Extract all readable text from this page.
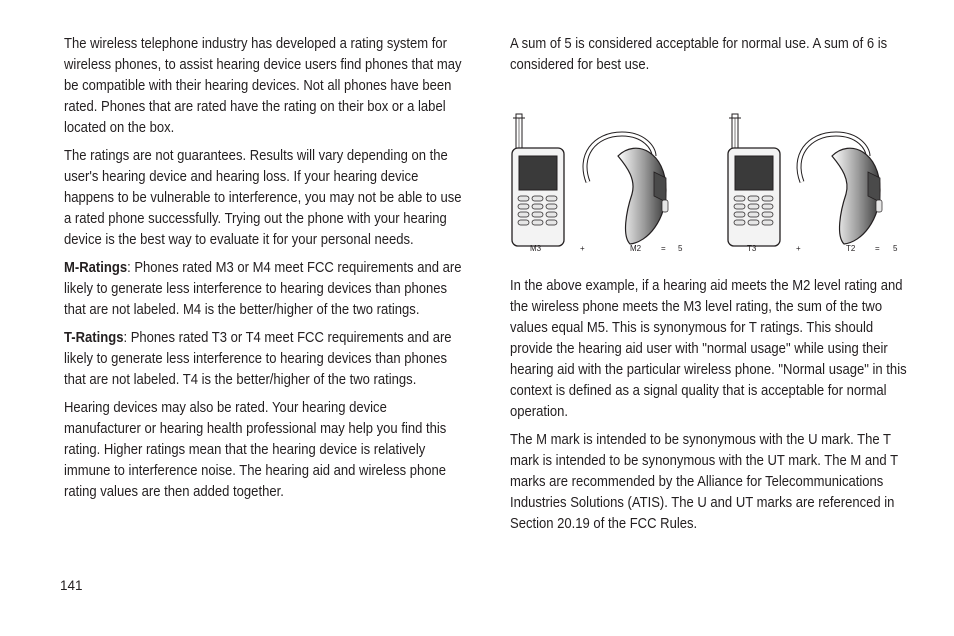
The wireless telephone industry has developed a rating system for wireless phones, to assist hearing device users find phones that may be compatible with their hearing devices. Not all phones have been rated. Phones that are rated have the rating on their box or a label located on the box.

The ratings are not guarantees. Results will vary depending on the user's hearing device and hearing loss. If your hearing device happens to be vulnerable to interference, you may not be able to use a rated phone successfully. Trying out the phone with your hearing device is the best way to evaluate it for your personal needs.

M-Ratings: Phones rated M3 or M4 meet FCC requirements and are likely to generate less interference to hearing devices than phones that are not labeled. M4 is the better/higher of the two ratings.

T-Ratings: Phones rated T3 or T4 meet FCC requirements and are likely to generate less interference to hearing devices than phones that are not labeled. T4 is the better/higher of the two ratings.

Hearing devices may also be rated. Your hearing device manufacturer or hearing health professional may help you find this rating. Higher ratings mean that the hearing device is relatively immune to interference noise. The hearing aid and wireless phone rating values are then added together.

A sum of 5 is considered acceptable for normal use. A sum of 6 is considered for best use.

M3	+	M2 = 5	T3	+	T2 = 5

In the above example, if a hearing aid meets the M2 level rating and the wireless phone meets the M3 level rating, the sum of the two values equal M5. This is synonymous for T ratings. This should provide the hearing aid user with "normal usage" while using their hearing aid with the particular wireless phone. "Normal usage" in this context is defined as a signal quality that is acceptable for normal operation.

The M mark is intended to be synonymous with the U mark. The T mark is intended to be synonymous with the UT mark. The M and T marks are recommended by the Alliance for Telecommunications Industries Solutions (ATIS). The U and UT marks are referenced in Section 20.19 of the FCC Rules.

141
